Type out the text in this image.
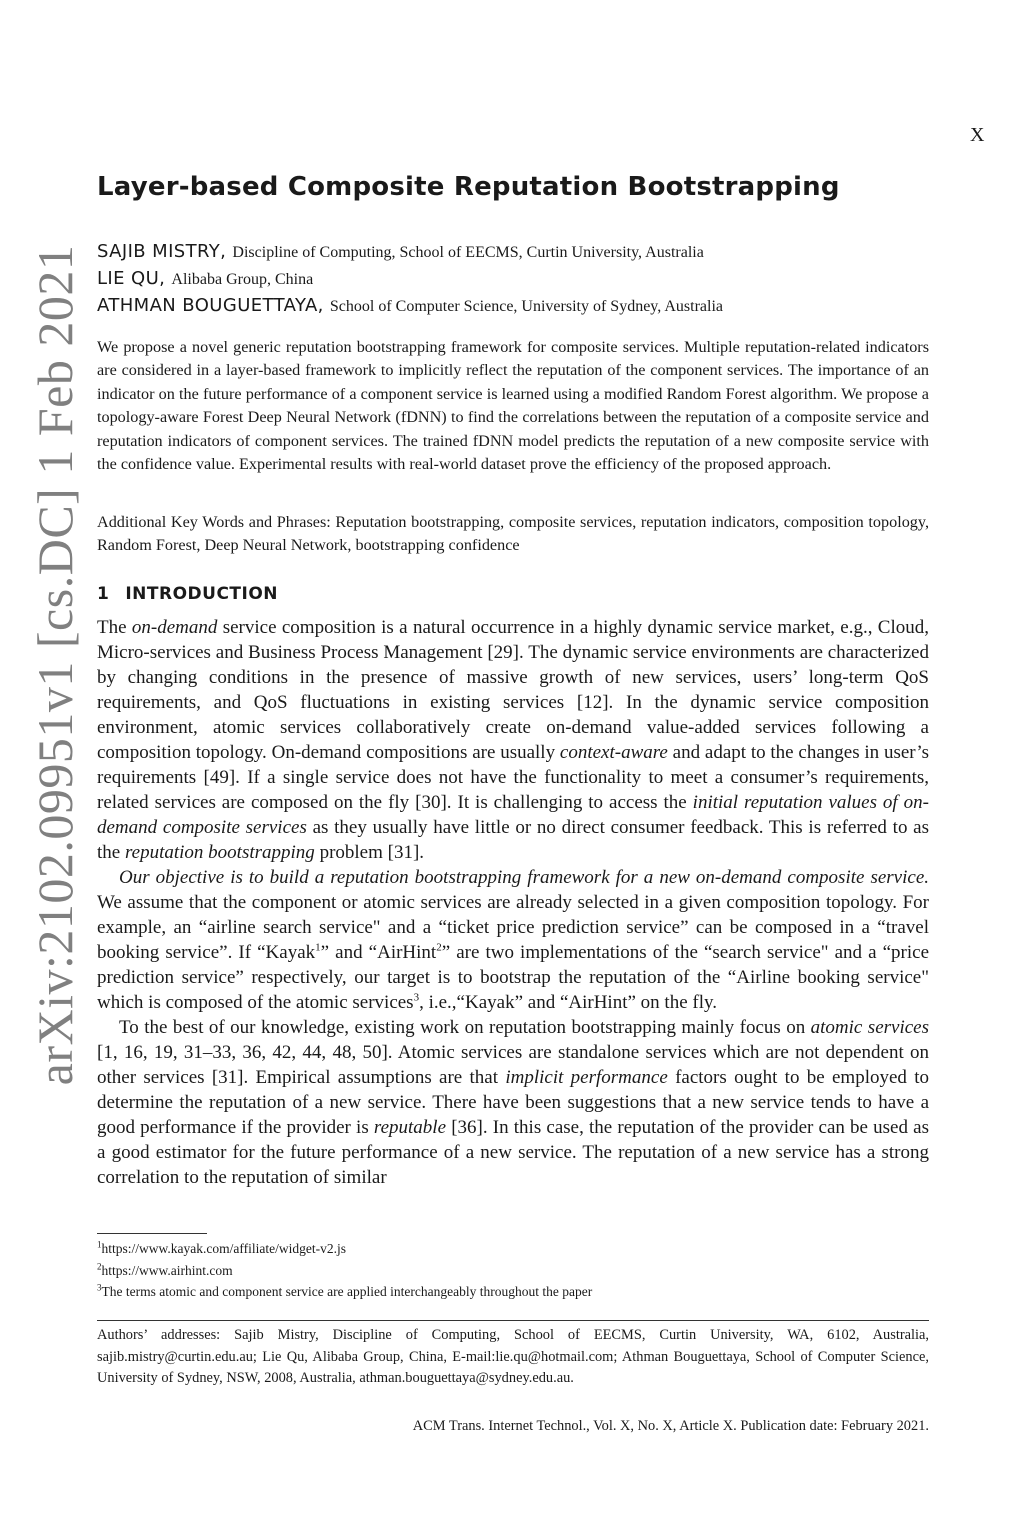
arXiv:2102.09951v1 [cs.DC] 1 Feb 2021
X
Layer-based Composite Reputation Bootstrapping
SAJIB MISTRY, Discipline of Computing, School of EECMS, Curtin University, Australia
LIE QU, Alibaba Group, China
ATHMAN BOUGUETTAYA, School of Computer Science, University of Sydney, Australia
We propose a novel generic reputation bootstrapping framework for composite services. Multiple reputation-related indicators are considered in a layer-based framework to implicitly reflect the reputation of the component services. The importance of an indicator on the future performance of a component service is learned using a modified Random Forest algorithm. We propose a topology-aware Forest Deep Neural Network (fDNN) to find the correlations between the reputation of a composite service and reputation indicators of component services. The trained fDNN model predicts the reputation of a new composite service with the confidence value. Experimental results with real-world dataset prove the efficiency of the proposed approach.
Additional Key Words and Phrases: Reputation bootstrapping, composite services, reputation indicators, composition topology, Random Forest, Deep Neural Network, bootstrapping confidence
1 INTRODUCTION

The on-demand service composition is a natural occurrence in a highly dynamic service market, e.g., Cloud, Micro-services and Business Process Management [29]. The dynamic service environments are characterized by changing conditions in the presence of massive growth of new services, users’ long-term QoS requirements, and QoS fluctuations in existing services [12]. In the dynamic service composition environment, atomic services collaboratively create on-demand value-added services following a composition topology. On-demand compositions are usually context-aware and adapt to the changes in user’s requirements [49]. If a single service does not have the functionality to meet a consumer’s requirements, related services are composed on the fly [30]. It is challenging to access the initial reputation values of on-demand composite services as they usually have little or no direct consumer feedback. This is referred to as the reputation bootstrapping problem [31].

Our objective is to build a reputation bootstrapping framework for a new on-demand composite service. We assume that the component or atomic services are already selected in a given composition topology. For example, an “airline search service" and a “ticket price prediction service” can be composed in a “travel booking service”. If “Kayak$^1$” and “AirHint$^2$” are two implementations of the “search service" and a “price prediction service” respectively, our target is to bootstrap the reputation of the “Airline booking service" which is composed of the atomic services$^3$, i.e.,“Kayak” and “AirHint” on the fly.

To the best of our knowledge, existing work on reputation bootstrapping mainly focus on atomic services [1, 16, 19, 31–33, 36, 42, 44, 48, 50]. Atomic services are standalone services which are not dependent on other services [31]. Empirical assumptions are that implicit performance factors ought to be employed to determine the reputation of a new service. There have been suggestions that a new service tends to have a good performance if the provider is reputable [36]. In this case, the reputation of the provider can be used as a good estimator for the future performance of a new service. The reputation of a new service has a strong correlation to the reputation of similar

$^1$https://www.kayak.com/affiliate/widget-v2.js
$^2$https://www.airhint.com
$^3$The terms atomic and component service are applied interchangeably throughout the paper
Authors’ addresses: Sajib Mistry, Discipline of Computing, School of EECMS, Curtin University, WA, 6102, Australia, sajib.mistry@curtin.edu.au; Lie Qu, Alibaba Group, China, E-mail:lie.qu@hotmail.com; Athman Bouguettaya, School of Computer Science, University of Sydney, NSW, 2008, Australia, athman.bouguettaya@sydney.edu.au.
ACM Trans. Internet Technol., Vol. X, No. X, Article X. Publication date: February 2021.
